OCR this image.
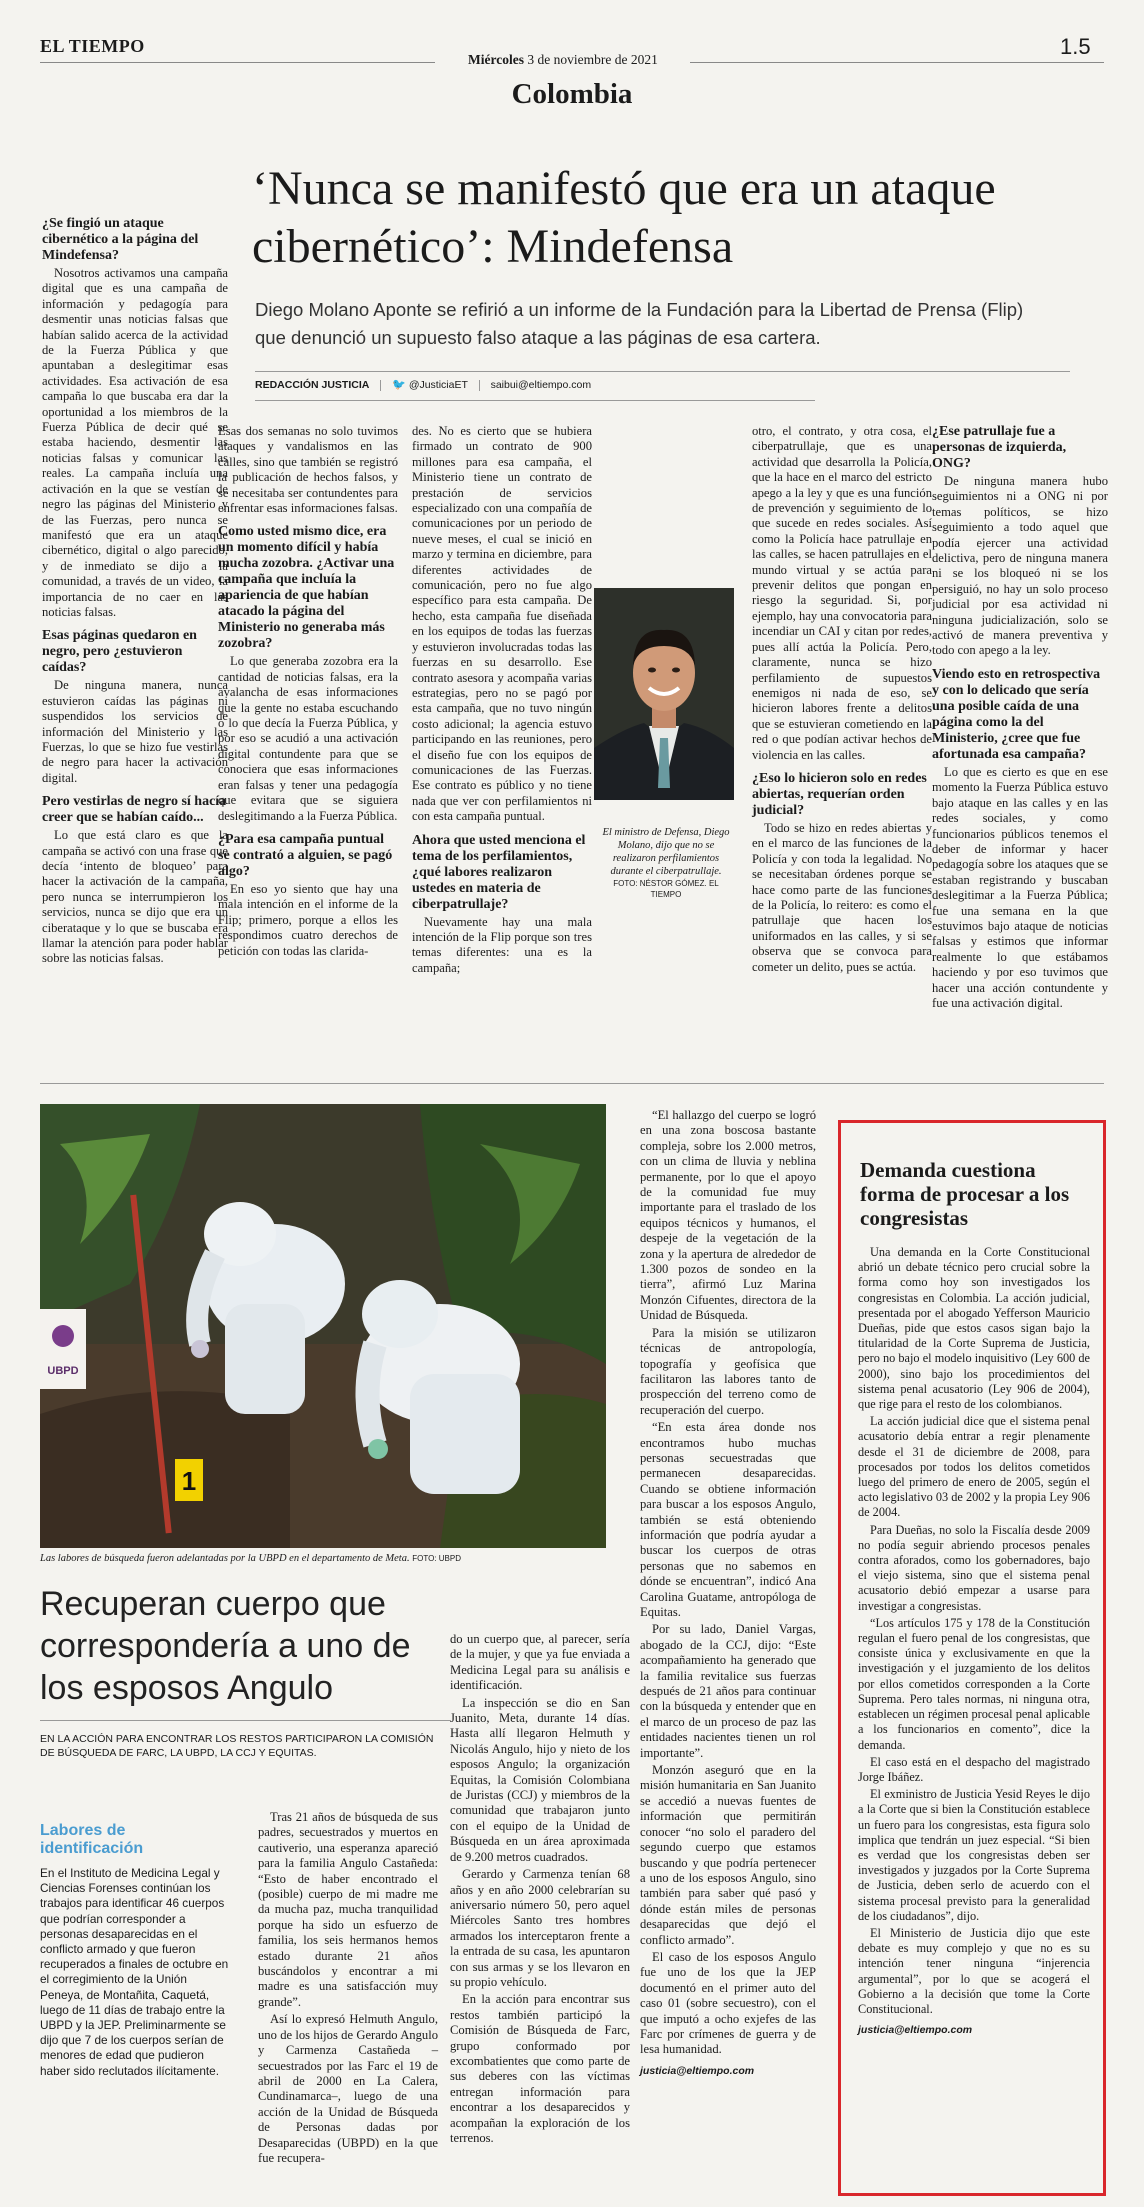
EL TIEMPO
Miércoles 3 de noviembre de 2021
1.5
Colombia
‘Nunca se manifestó que era un ataque cibernético’: Mindefensa
Diego Molano Aponte se refirió a un informe de la Fundación para la Libertad de Prensa (Flip) que denunció un supuesto falso ataque a las páginas de esa cartera.
REDACCIÓN JUSTICIA 🐦 @JusticiaET saibui@eltiempo.com
¿Se fingió un ataque cibernético a la página del Mindefensa?

Nosotros activamos una campaña digital que es una campaña de información y pedagogía para desmentir unas noticias falsas que habían salido acerca de la actividad de la Fuerza Pública y que apuntaban a deslegitimar esas actividades. Esa activación de esa campaña lo que buscaba era dar la oportunidad a los miembros de la Fuerza Pública de decir qué se estaba haciendo, desmentir las noticias falsas y comunicar las reales. La campaña incluía una activación en la que se vestían de negro las páginas del Ministerio y de las Fuerzas, pero nunca se manifestó que era un ataque cibernético, digital o algo parecido, y de inmediato se dijo a la comunidad, a través de un video, la importancia de no caer en las noticias falsas.

Esas páginas quedaron en negro, pero ¿estuvieron caídas?

De ninguna manera, nunca estuvieron caídas las páginas ni suspendidos los servicios de información del Ministerio y las Fuerzas, lo que se hizo fue vestirlas de negro para hacer la activación digital.

Pero vestirlas de negro sí hacía creer que se habían caído...

Lo que está claro es que la campaña se activó con una frase que decía ‘intento de bloqueo’ para hacer la activación de la campaña, pero nunca se interrumpieron los servicios, nunca se dijo que era un ciberataque y lo que se buscaba era llamar la atención para poder hablar sobre las noticias falsas.

Esas dos semanas no solo tuvimos ataques y vandalismos en las calles, sino que también se registró la publicación de hechos falsos, y se necesitaba ser contundentes para enfrentar esas informaciones falsas.

Como usted mismo dice, era un momento difícil y había mucha zozobra. ¿Activar una campaña que incluía la apariencia de que habían atacado la página del Ministerio no generaba más zozobra?

Lo que generaba zozobra era la cantidad de noticias falsas, era la avalancha de esas informaciones que la gente no estaba escuchando o lo que decía la Fuerza Pública, y por eso se acudió a una activación digital contundente para que se conociera que esas informaciones eran falsas y tener una pedagogía que evitara que se siguiera deslegitimando a la Fuerza Pública.

¿Para esa campaña puntual se contrató a alguien, se pagó algo?

En eso yo siento que hay una mala intención en el informe de la Flip; primero, porque a ellos les respondimos cuatro derechos de petición con todas las clarida-

des. No es cierto que se hubiera firmado un contrato de 900 millones para esa campaña, el Ministerio tiene un contrato de prestación de servicios especializado con una compañía de comunicaciones por un periodo de nueve meses, el cual se inició en marzo y termina en diciembre, para diferentes actividades de comunicación, pero no fue algo específico para esta campaña. De hecho, esta campaña fue diseñada en los equipos de todas las fuerzas y estuvieron involucradas todas las fuerzas en su desarrollo. Ese contrato asesora y acompaña varias estrategias, pero no se pagó por esta campaña, que no tuvo ningún costo adicional; la agencia estuvo participando en las reuniones, pero el diseño fue con los equipos de comunicaciones de las Fuerzas. Ese contrato es público y no tiene nada que ver con perfilamientos ni con esta campaña puntual.

Ahora que usted menciona el tema de los perfilamientos, ¿qué labores realizaron ustedes en materia de ciberpatrullaje?

Nuevamente hay una mala intención de la Flip porque son tres temas diferentes: una es la campaña;

El ministro de Defensa, Diego Molano, dijo que no se realizaron perfilamientos durante el ciberpatrullaje.
FOTO: NÉSTOR GÓMEZ. EL TIEMPO

otro, el contrato, y otra cosa, el ciberpatrullaje, que es una actividad que desarrolla la Policía, que la hace en el marco del estricto apego a la ley y que es una función de prevención y seguimiento de lo que sucede en redes sociales. Así como la Policía hace patrullaje en las calles, se hacen patrullajes en el mundo virtual y se actúa para prevenir delitos que pongan en riesgo la seguridad. Si, por ejemplo, hay una convocatoria para incendiar un CAI y citan por redes, pues allí actúa la Policía. Pero, claramente, nunca se hizo perfilamiento de supuestos enemigos ni nada de eso, se hicieron labores frente a delitos que se estuvieran cometiendo en la red o que podían activar hechos de violencia en las calles.

¿Eso lo hicieron solo en redes abiertas, requerían orden judicial?

Todo se hizo en redes abiertas y en el marco de las funciones de la Policía y con toda la legalidad. No se necesitaban órdenes porque se hace como parte de las funciones de la Policía, lo reitero: es como el patrullaje que hacen los uniformados en las calles, y si se observa que se convoca para cometer un delito, pues se actúa.

¿Ese patrullaje fue a personas de izquierda, ONG?

De ninguna manera hubo seguimientos ni a ONG ni por temas políticos, se hizo seguimiento a todo aquel que podía ejercer una actividad delictiva, pero de ninguna manera ni se los bloqueó ni se los persiguió, no hay un solo proceso judicial por esa actividad ni ninguna judicialización, solo se activó de manera preventiva y todo con apego a la ley.

Viendo esto en retrospectiva y con lo delicado que sería una posible caída de una página como la del Ministerio, ¿cree que fue afortunada esa campaña?

Lo que es cierto es que en ese momento la Fuerza Pública estuvo bajo ataque en las calles y en las redes sociales, y como funcionarios públicos tenemos el deber de informar y hacer pedagogía sobre los ataques que se estaban registrando y buscaban deslegitimar a la Fuerza Pública; fue una semana en la que estuvimos bajo ataque de noticias falsas y estimos que informar realmente lo que estábamos haciendo y por eso tuvimos que hacer una acción contundente y fue una activación digital.

1
UBPD
Las labores de búsqueda fueron adelantadas por la UBPD en el departamento de Meta. FOTO: UBPD
Recuperan cuerpo que correspondería a uno de los esposos Angulo
EN LA ACCIÓN PARA ENCONTRAR LOS RESTOS PARTICIPARON LA COMISIÓN DE BÚSQUEDA DE FARC, LA UBPD, LA CCJ Y EQUITAS.
Labores de identificación

En el Instituto de Medicina Legal y Ciencias Forenses continúan los trabajos para identificar 46 cuerpos que podrían corresponder a personas desaparecidas en el conflicto armado y que fueron recuperados a finales de octubre en el corregimiento de la Unión Peneya, de Montañita, Caquetá, luego de 11 días de trabajo entre la UBPD y la JEP. Preliminarmente se dijo que 7 de los cuerpos serían de menores de edad que pudieron haber sido reclutados ilícitamente.

Tras 21 años de búsqueda de sus padres, secuestrados y muertos en cautiverio, una esperanza apareció para la familia Angulo Castañeda: “Esto de haber encontrado el (posible) cuerpo de mi madre me da mucha paz, mucha tranquilidad porque ha sido un esfuerzo de familia, los seis hermanos hemos estado durante 21 años buscándolos y encontrar a mi madre es una satisfacción muy grande”.

Así lo expresó Helmuth Angulo, uno de los hijos de Gerardo Angulo y Carmenza Castañeda –secuestrados por las Farc el 19 de abril de 2000 en La Calera, Cundinamarca–, luego de una acción de la Unidad de Búsqueda de Personas dadas por Desaparecidas (UBPD) en la que fue recupera-

do un cuerpo que, al parecer, sería de la mujer, y que ya fue enviada a Medicina Legal para su análisis e identificación.

La inspección se dio en San Juanito, Meta, durante 14 días. Hasta allí llegaron Helmuth y Nicolás Angulo, hijo y nieto de los esposos Angulo; la organización Equitas, la Comisión Colombiana de Juristas (CCJ) y miembros de la comunidad que trabajaron junto con el equipo de la Unidad de Búsqueda en un área aproximada de 9.200 metros cuadrados.

Gerardo y Carmenza tenían 68 años y en año 2000 celebrarían su aniversario número 50, pero aquel Miércoles Santo tres hombres armados los interceptaron frente a la entrada de su casa, les apuntaron con sus armas y se los llevaron en su propio vehículo.

En la acción para encontrar sus restos también participó la Comisión de Búsqueda de Farc, grupo conformado por excombatientes que como parte de sus deberes con las víctimas entregan información para encontrar a los desaparecidos y acompañan la exploración de los terrenos.

“El hallazgo del cuerpo se logró en una zona boscosa bastante compleja, sobre los 2.000 metros, con un clima de lluvia y neblina permanente, por lo que el apoyo de la comunidad fue muy importante para el traslado de los equipos técnicos y humanos, el despeje de la vegetación de la zona y la apertura de alrededor de 1.300 pozos de sondeo en la tierra”, afirmó Luz Marina Monzón Cifuentes, directora de la Unidad de Búsqueda.

Para la misión se utilizaron técnicas de antropología, topografía y geofísica que facilitaron las labores tanto de prospección del terreno como de recuperación del cuerpo.

“En esta área donde nos encontramos hubo muchas personas secuestradas que permanecen desaparecidas. Cuando se obtiene información para buscar a los esposos Angulo, también se está obteniendo información que podría ayudar a buscar los cuerpos de otras personas que no sabemos en dónde se encuentran”, indicó Ana Carolina Guatame, antropóloga de Equitas.

Por su lado, Daniel Vargas, abogado de la CCJ, dijo: “Este acompañamiento ha generado que la familia revitalice sus fuerzas después de 21 años para continuar con la búsqueda y entender que en el marco de un proceso de paz las entidades nacientes tienen un rol importante”.

Monzón aseguró que en la misión humanitaria en San Juanito se accedió a nuevas fuentes de información que permitirán conocer “no solo el paradero del segundo cuerpo que estamos buscando y que podría pertenecer a uno de los esposos Angulo, sino también para saber qué pasó y dónde están miles de personas desaparecidas que dejó el conflicto armado”.

El caso de los esposos Angulo fue uno de los que la JEP documentó en el primer auto del caso 01 (sobre secuestro), con el que imputó a ocho exjefes de las Farc por crímenes de guerra y de lesa humanidad.

justicia@eltiempo.com
Demanda cuestiona forma de procesar a los congresistas

Una demanda en la Corte Constitucional abrió un debate técnico pero crucial sobre la forma como hoy son investigados los congresistas en Colombia. La acción judicial, presentada por el abogado Yefferson Mauricio Dueñas, pide que estos casos sigan bajo la titularidad de la Corte Suprema de Justicia, pero no bajo el modelo inquisitivo (Ley 600 de 2000), sino bajo los procedimientos del sistema penal acusatorio (Ley 906 de 2004), que rige para el resto de los colombianos.

La acción judicial dice que el sistema penal acusatorio debía entrar a regir plenamente desde el 31 de diciembre de 2008, para procesados por todos los delitos cometidos luego del primero de enero de 2005, según el acto legislativo 03 de 2002 y la propia Ley 906 de 2004.

Para Dueñas, no solo la Fiscalía desde 2009 no podía seguir abriendo procesos penales contra aforados, como los gobernadores, bajo el viejo sistema, sino que el sistema penal acusatorio debió empezar a usarse para investigar a congresistas.

“Los artículos 175 y 178 de la Constitución regulan el fuero penal de los congresistas, que consiste única y exclusivamente en que la investigación y el juzgamiento de los delitos por ellos cometidos corresponden a la Corte Suprema. Pero tales normas, ni ninguna otra, establecen un régimen procesal penal aplicable a los funcionarios en comento”, dice la demanda.

El caso está en el despacho del magistrado Jorge Ibáñez.

El exministro de Justicia Yesid Reyes le dijo a la Corte que si bien la Constitución establece un fuero para los congresistas, esta figura solo implica que tendrán un juez especial. “Si bien es verdad que los congresistas deben ser investigados y juzgados por la Corte Suprema de Justicia, deben serlo de acuerdo con el sistema procesal previsto para la generalidad de los ciudadanos”, dijo.

El Ministerio de Justicia dijo que este debate es muy complejo y que no es su intención tener ninguna “injerencia argumental”, por lo que se acogerá el Gobierno a la decisión que tome la Corte Constitucional.

justicia@eltiempo.com
